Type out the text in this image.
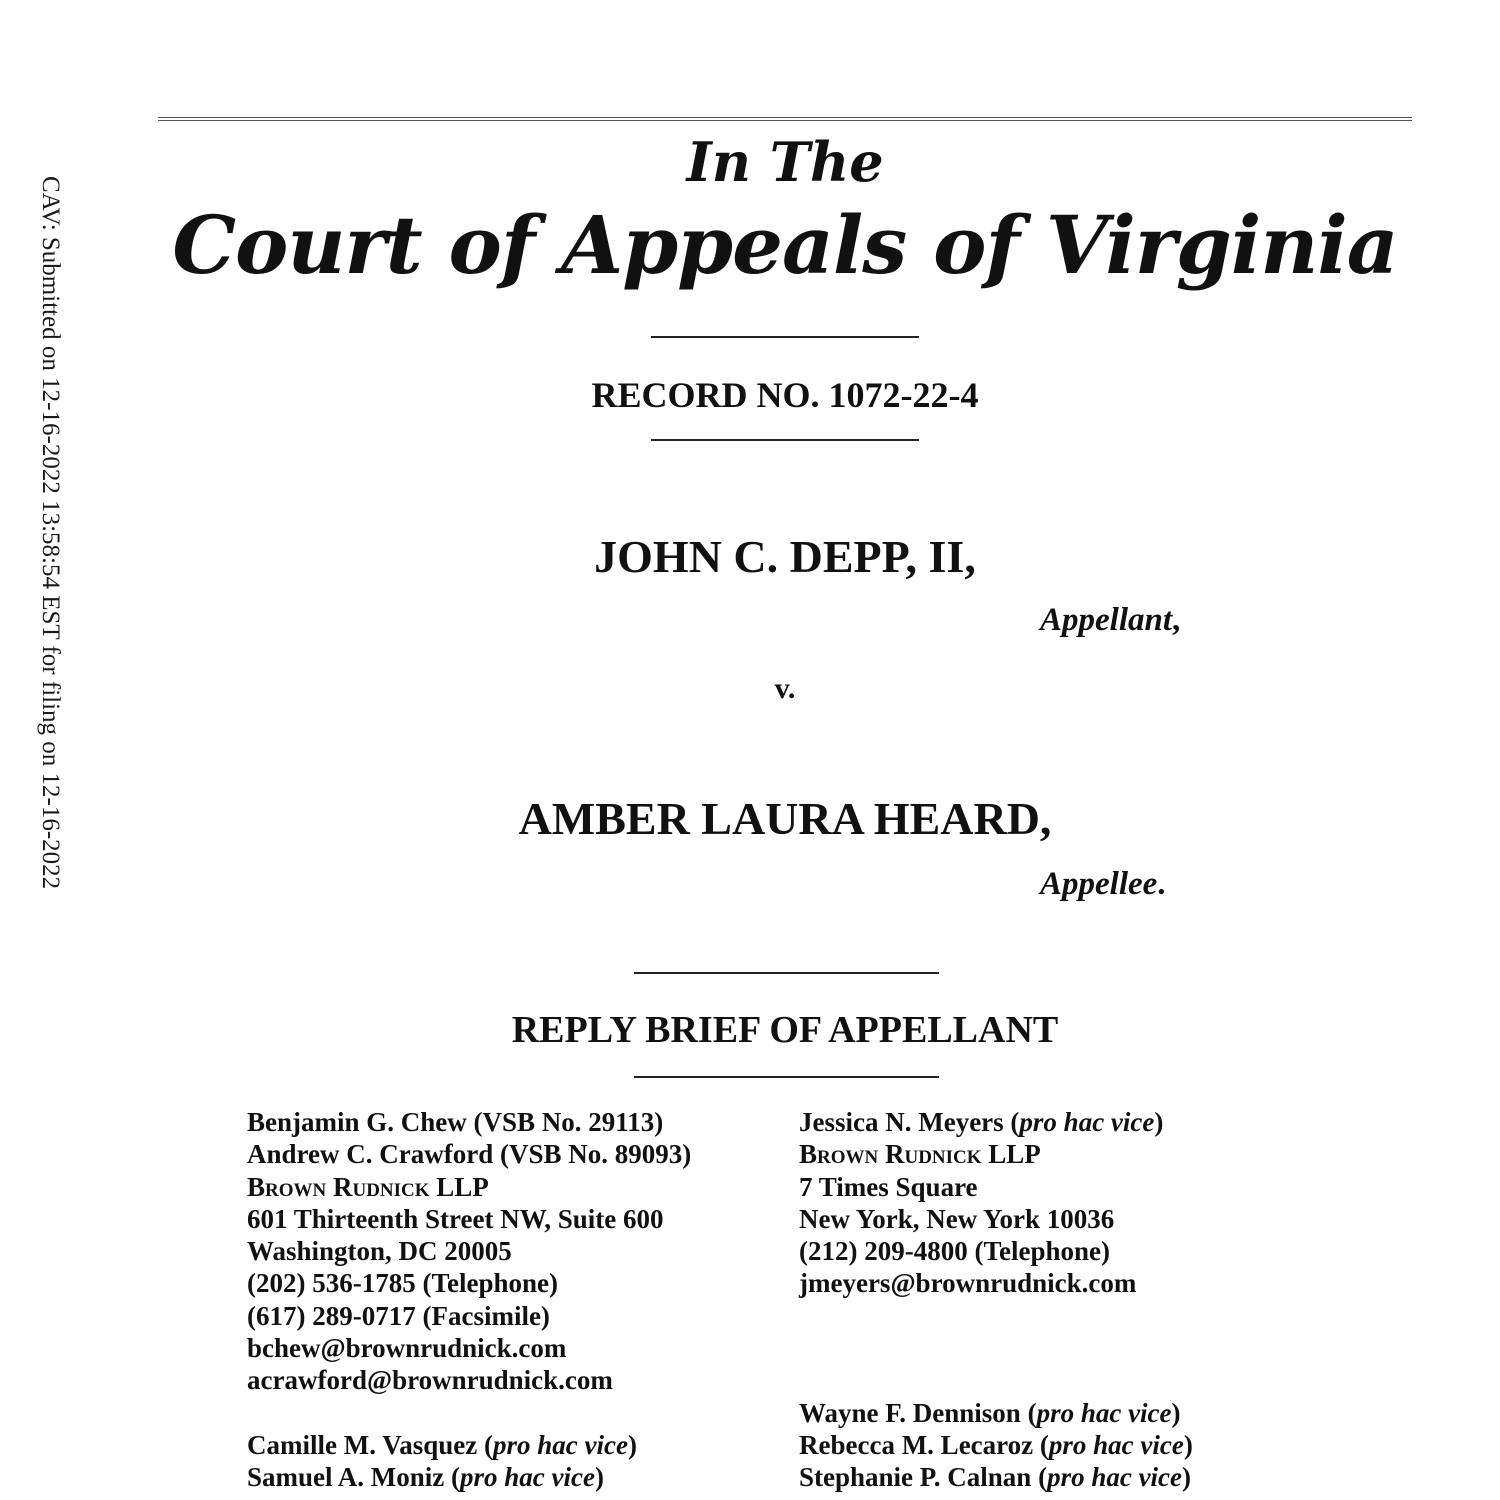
CAV: Submitted on 12-16-2022 13:58:54 EST for filing on 12-16-2022
In The
Court of Appeals of Virginia
RECORD NO. 1072-22-4
JOHN C. DEPP, II,
Appellant,
v.
AMBER LAURA HEARD,
Appellee.
REPLY BRIEF OF APPELLANT
Benjamin G. Chew (VSB No. 29113)
Andrew C. Crawford (VSB No. 89093)
Brown Rudnick LLP
601 Thirteenth Street NW, Suite 600
Washington, DC 20005
(202) 536-1785 (Telephone)
(617) 289-0717 (Facsimile)
bchew@brownrudnick.com
acrawford@brownrudnick.com
Camille M. Vasquez (pro hac vice)
Samuel A. Moniz (pro hac vice)
Jessica N. Meyers (pro hac vice)
Brown Rudnick LLP
7 Times Square
New York, New York 10036
(212) 209-4800 (Telephone)
jmeyers@brownrudnick.com
Wayne F. Dennison (pro hac vice)
Rebecca M. Lecaroz (pro hac vice)
Stephanie P. Calnan (pro hac vice)
